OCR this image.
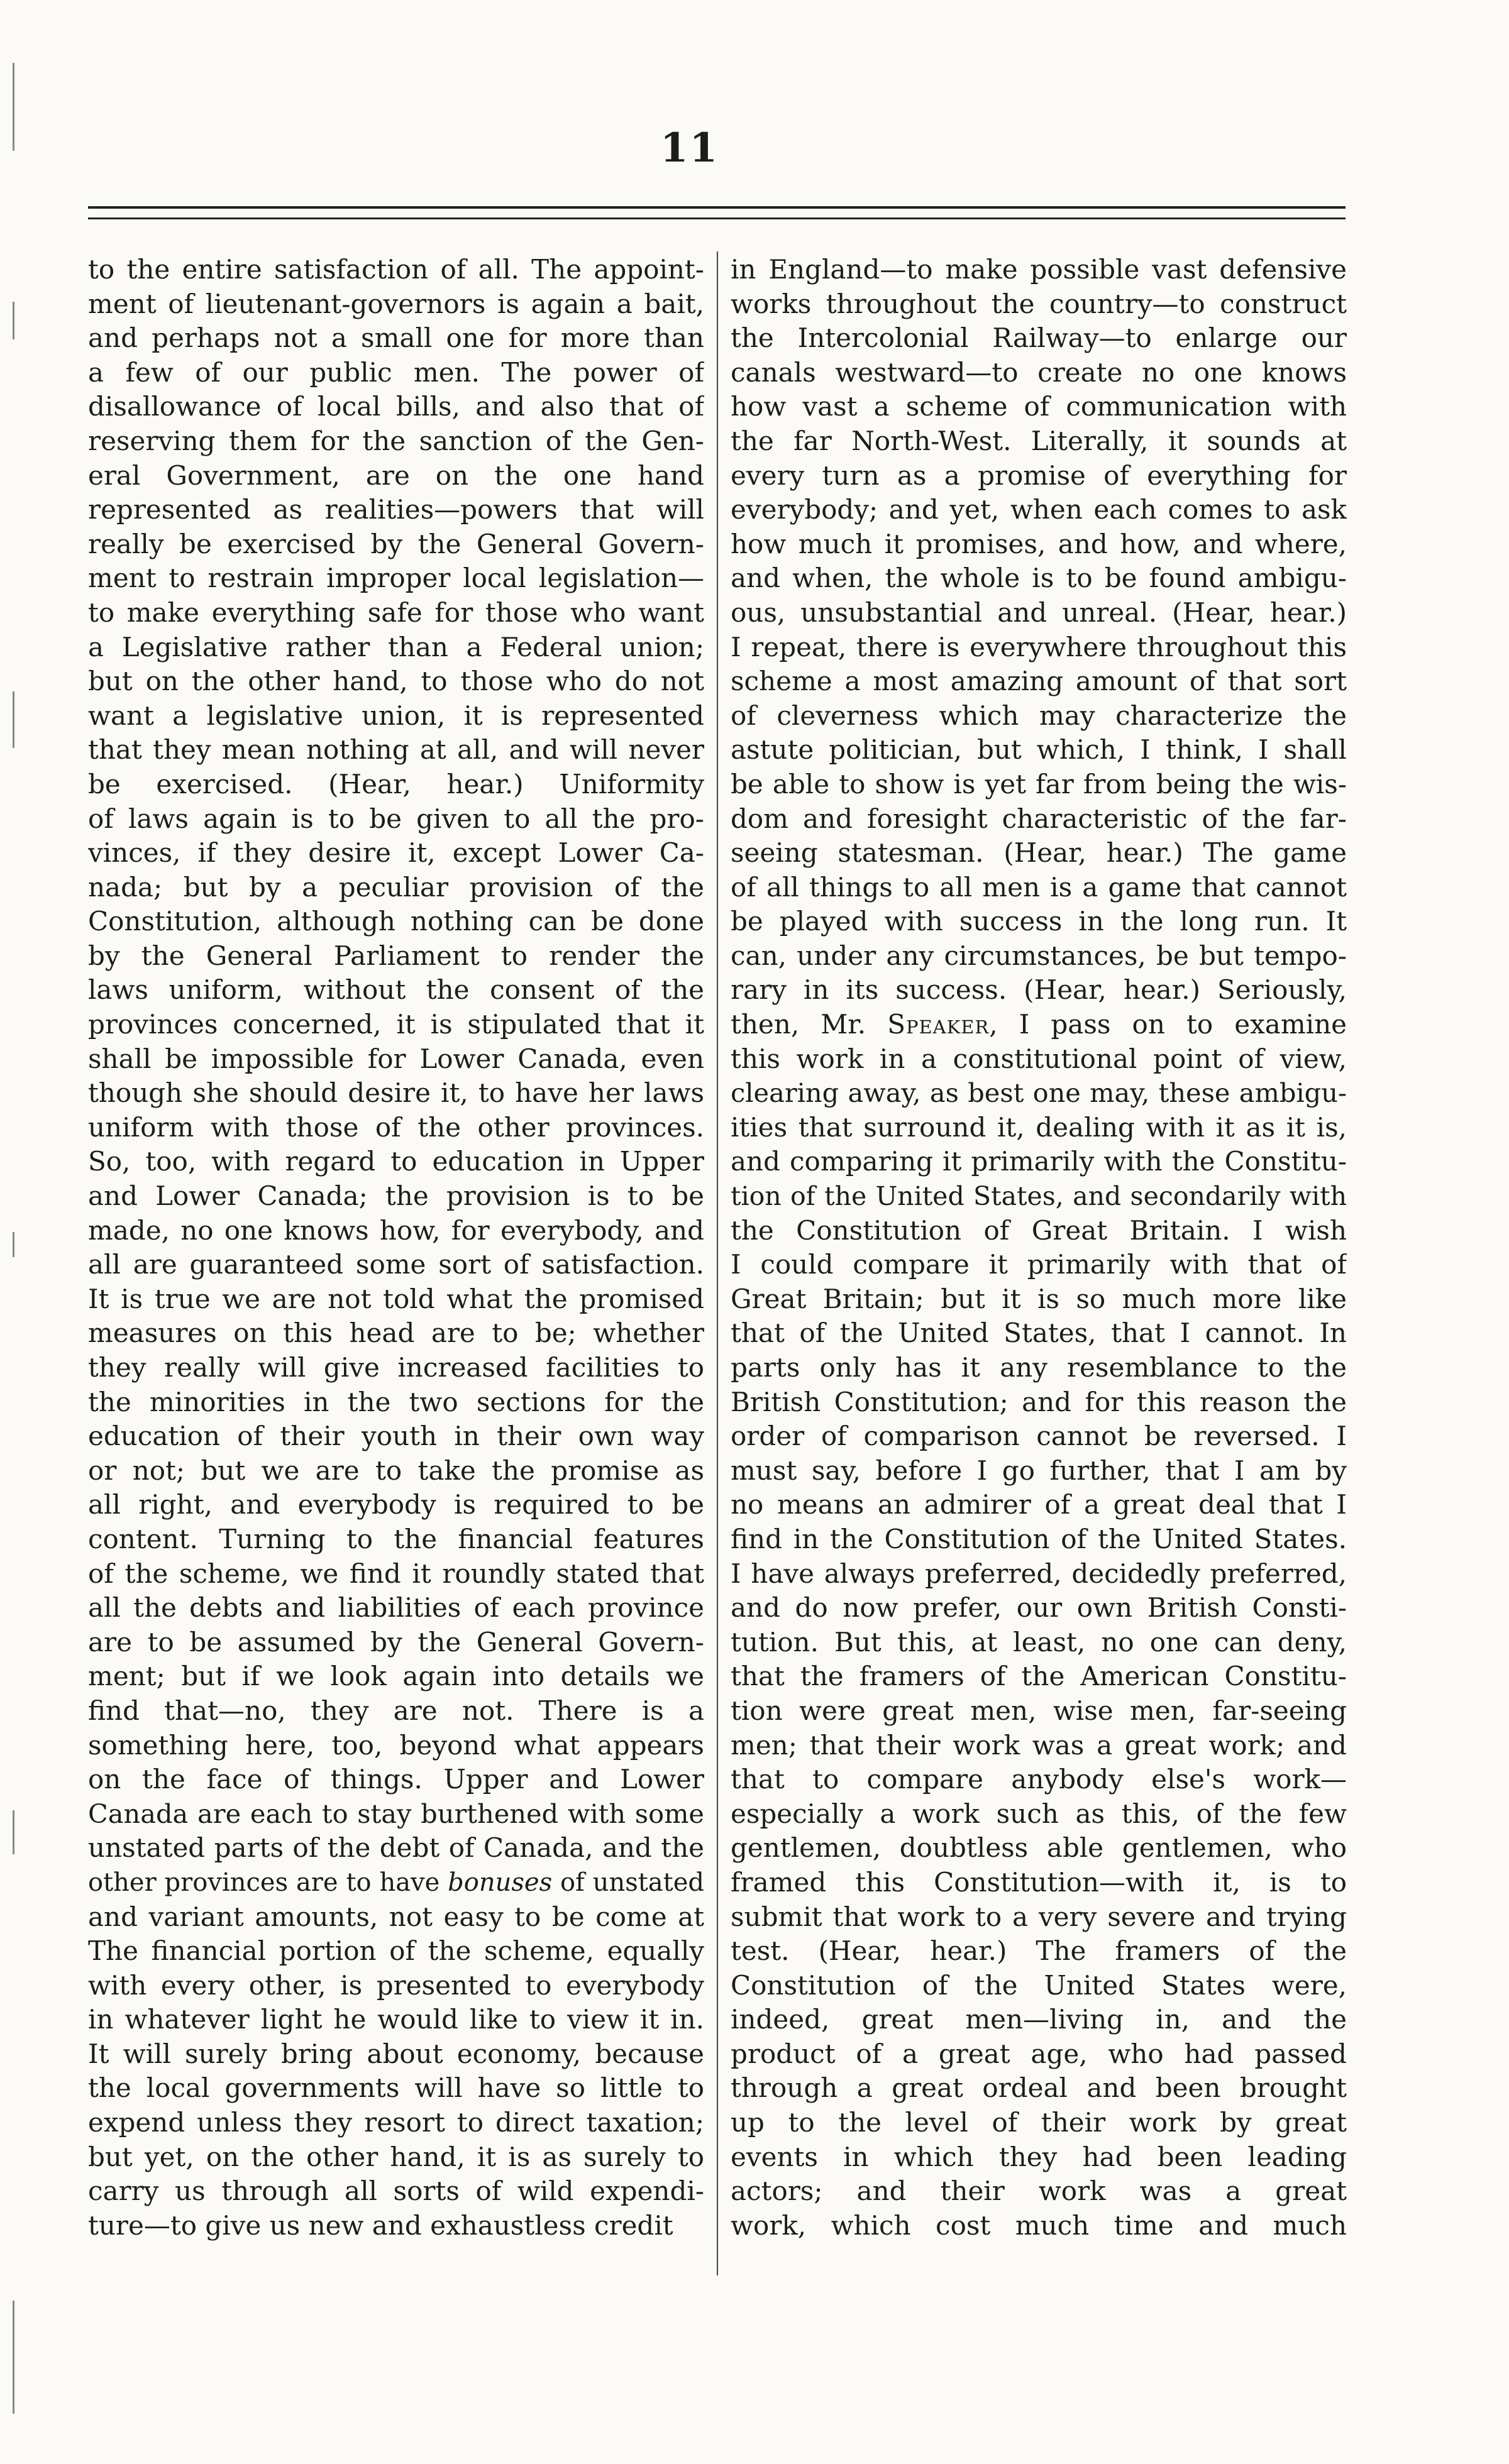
11
to the entire satisfaction of all. The appoint-
ment of lieutenant-governors is again a bait,
and perhaps not a small one for more than
a few of our public men. The power of
disallowance of local bills, and also that of
reserving them for the sanction of the Gen-
eral Government, are on the one hand
represented as realities—powers that will
really be exercised by the General Govern-
ment to restrain improper local legislation—
to make everything safe for those who want
a Legislative rather than a Federal union;
but on the other hand, to those who do not
want a legislative union, it is represented
that they mean nothing at all, and will never
be exercised. (Hear, hear.) Uniformity
of laws again is to be given to all the pro-
vinces, if they desire it, except Lower Ca-
nada; but by a peculiar provision of the
Constitution, although nothing can be done
by the General Parliament to render the
laws uniform, without the consent of the
provinces concerned, it is stipulated that it
shall be impossible for Lower Canada, even
though she should desire it, to have her laws
uniform with those of the other provinces.
So, too, with regard to education in Upper
and Lower Canada; the provision is to be
made, no one knows how, for everybody, and
all are guaranteed some sort of satisfaction.
It is true we are not told what the promised
measures on this head are to be; whether
they really will give increased facilities to
the minorities in the two sections for the
education of their youth in their own way
or not; but we are to take the promise as
all right, and everybody is required to be
content. Turning to the financial features
of the scheme, we find it roundly stated that
all the debts and liabilities of each province
are to be assumed by the General Govern-
ment; but if we look again into details we
find that—no, they are not. There is a
something here, too, beyond what appears
on the face of things. Upper and Lower
Canada are each to stay burthened with some
unstated parts of the debt of Canada, and the
other provinces are to have bonuses of unstated
and variant amounts, not easy to be come at
The financial portion of the scheme, equally
with every other, is presented to everybody
in whatever light he would like to view it in.
It will surely bring about economy, because
the local governments will have so little to
expend unless they resort to direct taxation;
but yet, on the other hand, it is as surely to
carry us through all sorts of wild expendi-
ture—to give us new and exhaustless credit
in England—to make possible vast defensive
works throughout the country—to construct
the Intercolonial Railway—to enlarge our
canals westward—to create no one knows
how vast a scheme of communication with
the far North-West. Literally, it sounds at
every turn as a promise of everything for
everybody; and yet, when each comes to ask
how much it promises, and how, and where,
and when, the whole is to be found ambigu-
ous, unsubstantial and unreal. (Hear, hear.)
I repeat, there is everywhere throughout this
scheme a most amazing amount of that sort
of cleverness which may characterize the
astute politician, but which, I think, I shall
be able to show is yet far from being the wis-
dom and foresight characteristic of the far-
seeing statesman. (Hear, hear.) The game
of all things to all men is a game that cannot
be played with success in the long run. It
can, under any circumstances, be but tempo-
rary in its success. (Hear, hear.) Seriously,
then, Mr. Speaker, I pass on to examine
this work in a constitutional point of view,
clearing away, as best one may, these ambigu-
ities that surround it, dealing with it as it is,
and comparing it primarily with the Constitu-
tion of the United States, and secondarily with
the Constitution of Great Britain. I wish
I could compare it primarily with that of
Great Britain; but it is so much more like
that of the United States, that I cannot. In
parts only has it any resemblance to the
British Constitution; and for this reason the
order of comparison cannot be reversed. I
must say, before I go further, that I am by
no means an admirer of a great deal that I
find in the Constitution of the United States.
I have always preferred, decidedly preferred,
and do now prefer, our own British Consti-
tution. But this, at least, no one can deny,
that the framers of the American Constitu-
tion were great men, wise men, far-seeing
men; that their work was a great work; and
that to compare anybody else's work—
especially a work such as this, of the few
gentlemen, doubtless able gentlemen, who
framed this Constitution—with it, is to
submit that work to a very severe and trying
test. (Hear, hear.) The framers of the
Constitution of the United States were,
indeed, great men—living in, and the
product of a great age, who had passed
through a great ordeal and been brought
up to the level of their work by great
events in which they had been leading
actors; and their work was a great
work, which cost much time and much
